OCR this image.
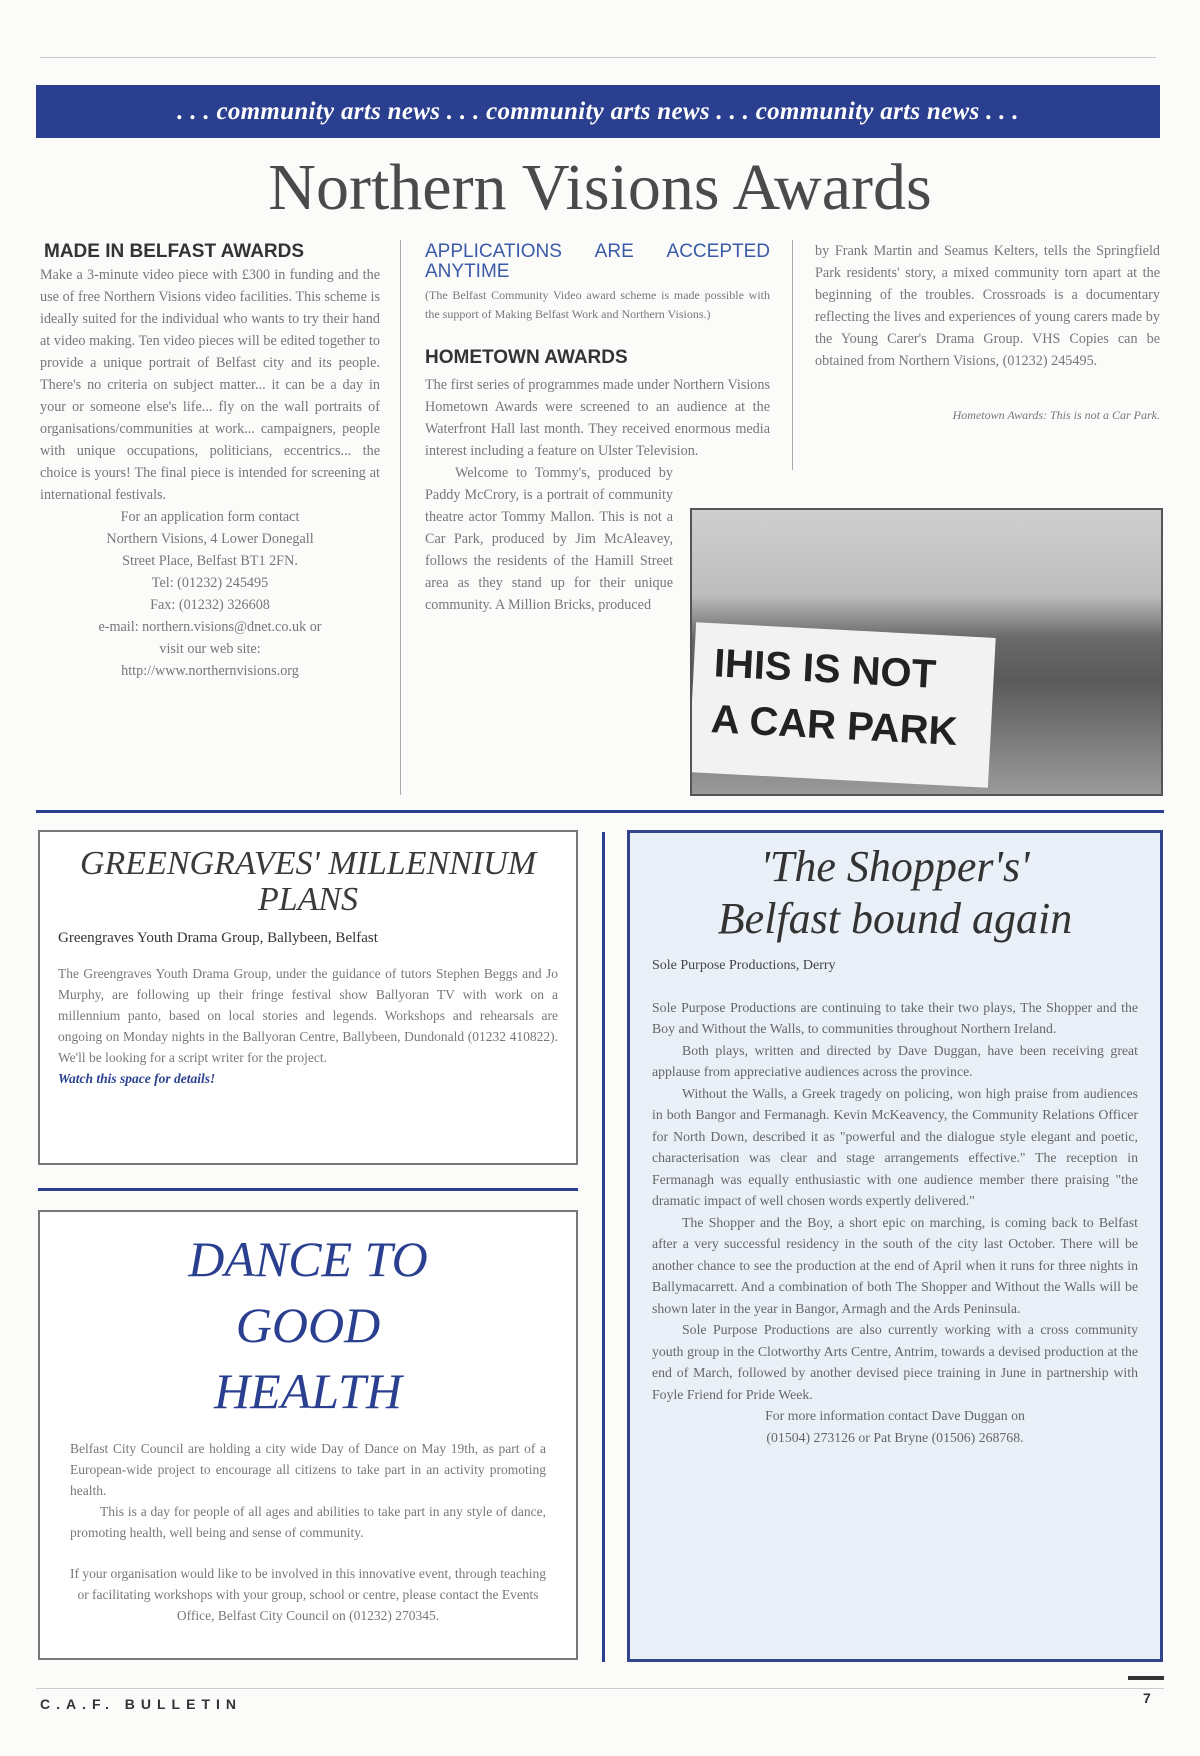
. . . community arts news . . . community arts news . . . community arts news . . .
Northern Visions Awards
MADE IN BELFAST AWARDS

Make a 3-minute video piece with £300 in funding and the use of free Northern Visions video facilities. This scheme is ideally suited for the individual who wants to try their hand at video making. Ten video pieces will be edited together to provide a unique portrait of Belfast city and its people. There's no criteria on subject matter... it can be a day in your or someone else's life... fly on the wall portraits of organisations/communities at work... campaigners, people with unique occupations, politicians, eccentrics... the choice is yours! The final piece is intended for screening at international festivals.

For an application form contact
Northern Visions, 4 Lower Donegall
Street Place, Belfast BT1 2FN.
Tel: (01232) 245495
Fax: (01232) 326608
e-mail: northern.visions@dnet.co.uk or
visit our web site:
http://www.northernvisions.org
APPLICATIONS ARE ACCEPTED ANYTIME

(The Belfast Community Video award scheme is made possible with the support of Making Belfast Work and Northern Visions.)

HOMETOWN AWARDS

The first series of programmes made under Northern Visions Hometown Awards were screened to an audience at the Waterfront Hall last month. They received enormous media interest including a feature on Ulster Television.

Welcome to Tommy's, produced by Paddy McCrory, is a portrait of community theatre actor Tommy Mallon. This is not a Car Park, produced by Jim McAleavey, follows the residents of the Hamill Street area as they stand up for their unique community. A Million Bricks, produced

by Frank Martin and Seamus Kelters, tells the Springfield Park residents' story, a mixed community torn apart at the beginning of the troubles. Crossroads is a documentary reflecting the lives and experiences of young carers made by the Young Carer's Drama Group. VHS Copies can be obtained from Northern Visions, (01232) 245495.

Hometown Awards: This is not a Car Park.

IHIS IS NOT
A CAR PARK
GREENGRAVES' MILLENNIUM PLANS
Greengraves Youth Drama Group, Ballybeen, Belfast

The Greengraves Youth Drama Group, under the guidance of tutors Stephen Beggs and Jo Murphy, are following up their fringe festival show Ballyoran TV with work on a millennium panto, based on local stories and legends. Workshops and rehearsals are ongoing on Monday nights in the Ballyoran Centre, Ballybeen, Dundonald (01232 410822). We'll be looking for a script writer for the project.

Watch this space for details!

DANCE TO GOOD HEALTH

Belfast City Council are holding a city wide Day of Dance on May 19th, as part of a European-wide project to encourage all citizens to take part in an activity promoting health.

This is a day for people of all ages and abilities to take part in any style of dance, promoting health, well being and sense of community.

If your organisation would like to be involved in this innovative event, through teaching or facilitating workshops with your group, school or centre, please contact the Events Office, Belfast City Council on (01232) 270345.

'The Shopper's'
Belfast bound again
Sole Purpose Productions, Derry

Sole Purpose Productions are continuing to take their two plays, The Shopper and the Boy and Without the Walls, to communities throughout Northern Ireland.

Both plays, written and directed by Dave Duggan, have been receiving great applause from appreciative audiences across the province.

Without the Walls, a Greek tragedy on policing, won high praise from audiences in both Bangor and Fermanagh. Kevin McKeavency, the Community Relations Officer for North Down, described it as "powerful and the dialogue style elegant and poetic, characterisation was clear and stage arrangements effective." The reception in Fermanagh was equally enthusiastic with one audience member there praising "the dramatic impact of well chosen words expertly delivered."

The Shopper and the Boy, a short epic on marching, is coming back to Belfast after a very successful residency in the south of the city last October. There will be another chance to see the production at the end of April when it runs for three nights in Ballymacarrett. And a combination of both The Shopper and Without the Walls will be shown later in the year in Bangor, Armagh and the Ards Peninsula.

Sole Purpose Productions are also currently working with a cross community youth group in the Clotworthy Arts Centre, Antrim, towards a devised production at the end of March, followed by another devised piece training in June in partnership with Foyle Friend for Pride Week.

For more information contact Dave Duggan on
(01504) 273126 or Pat Bryne (01506) 268768.
C.A.F. BULLETIN	7
